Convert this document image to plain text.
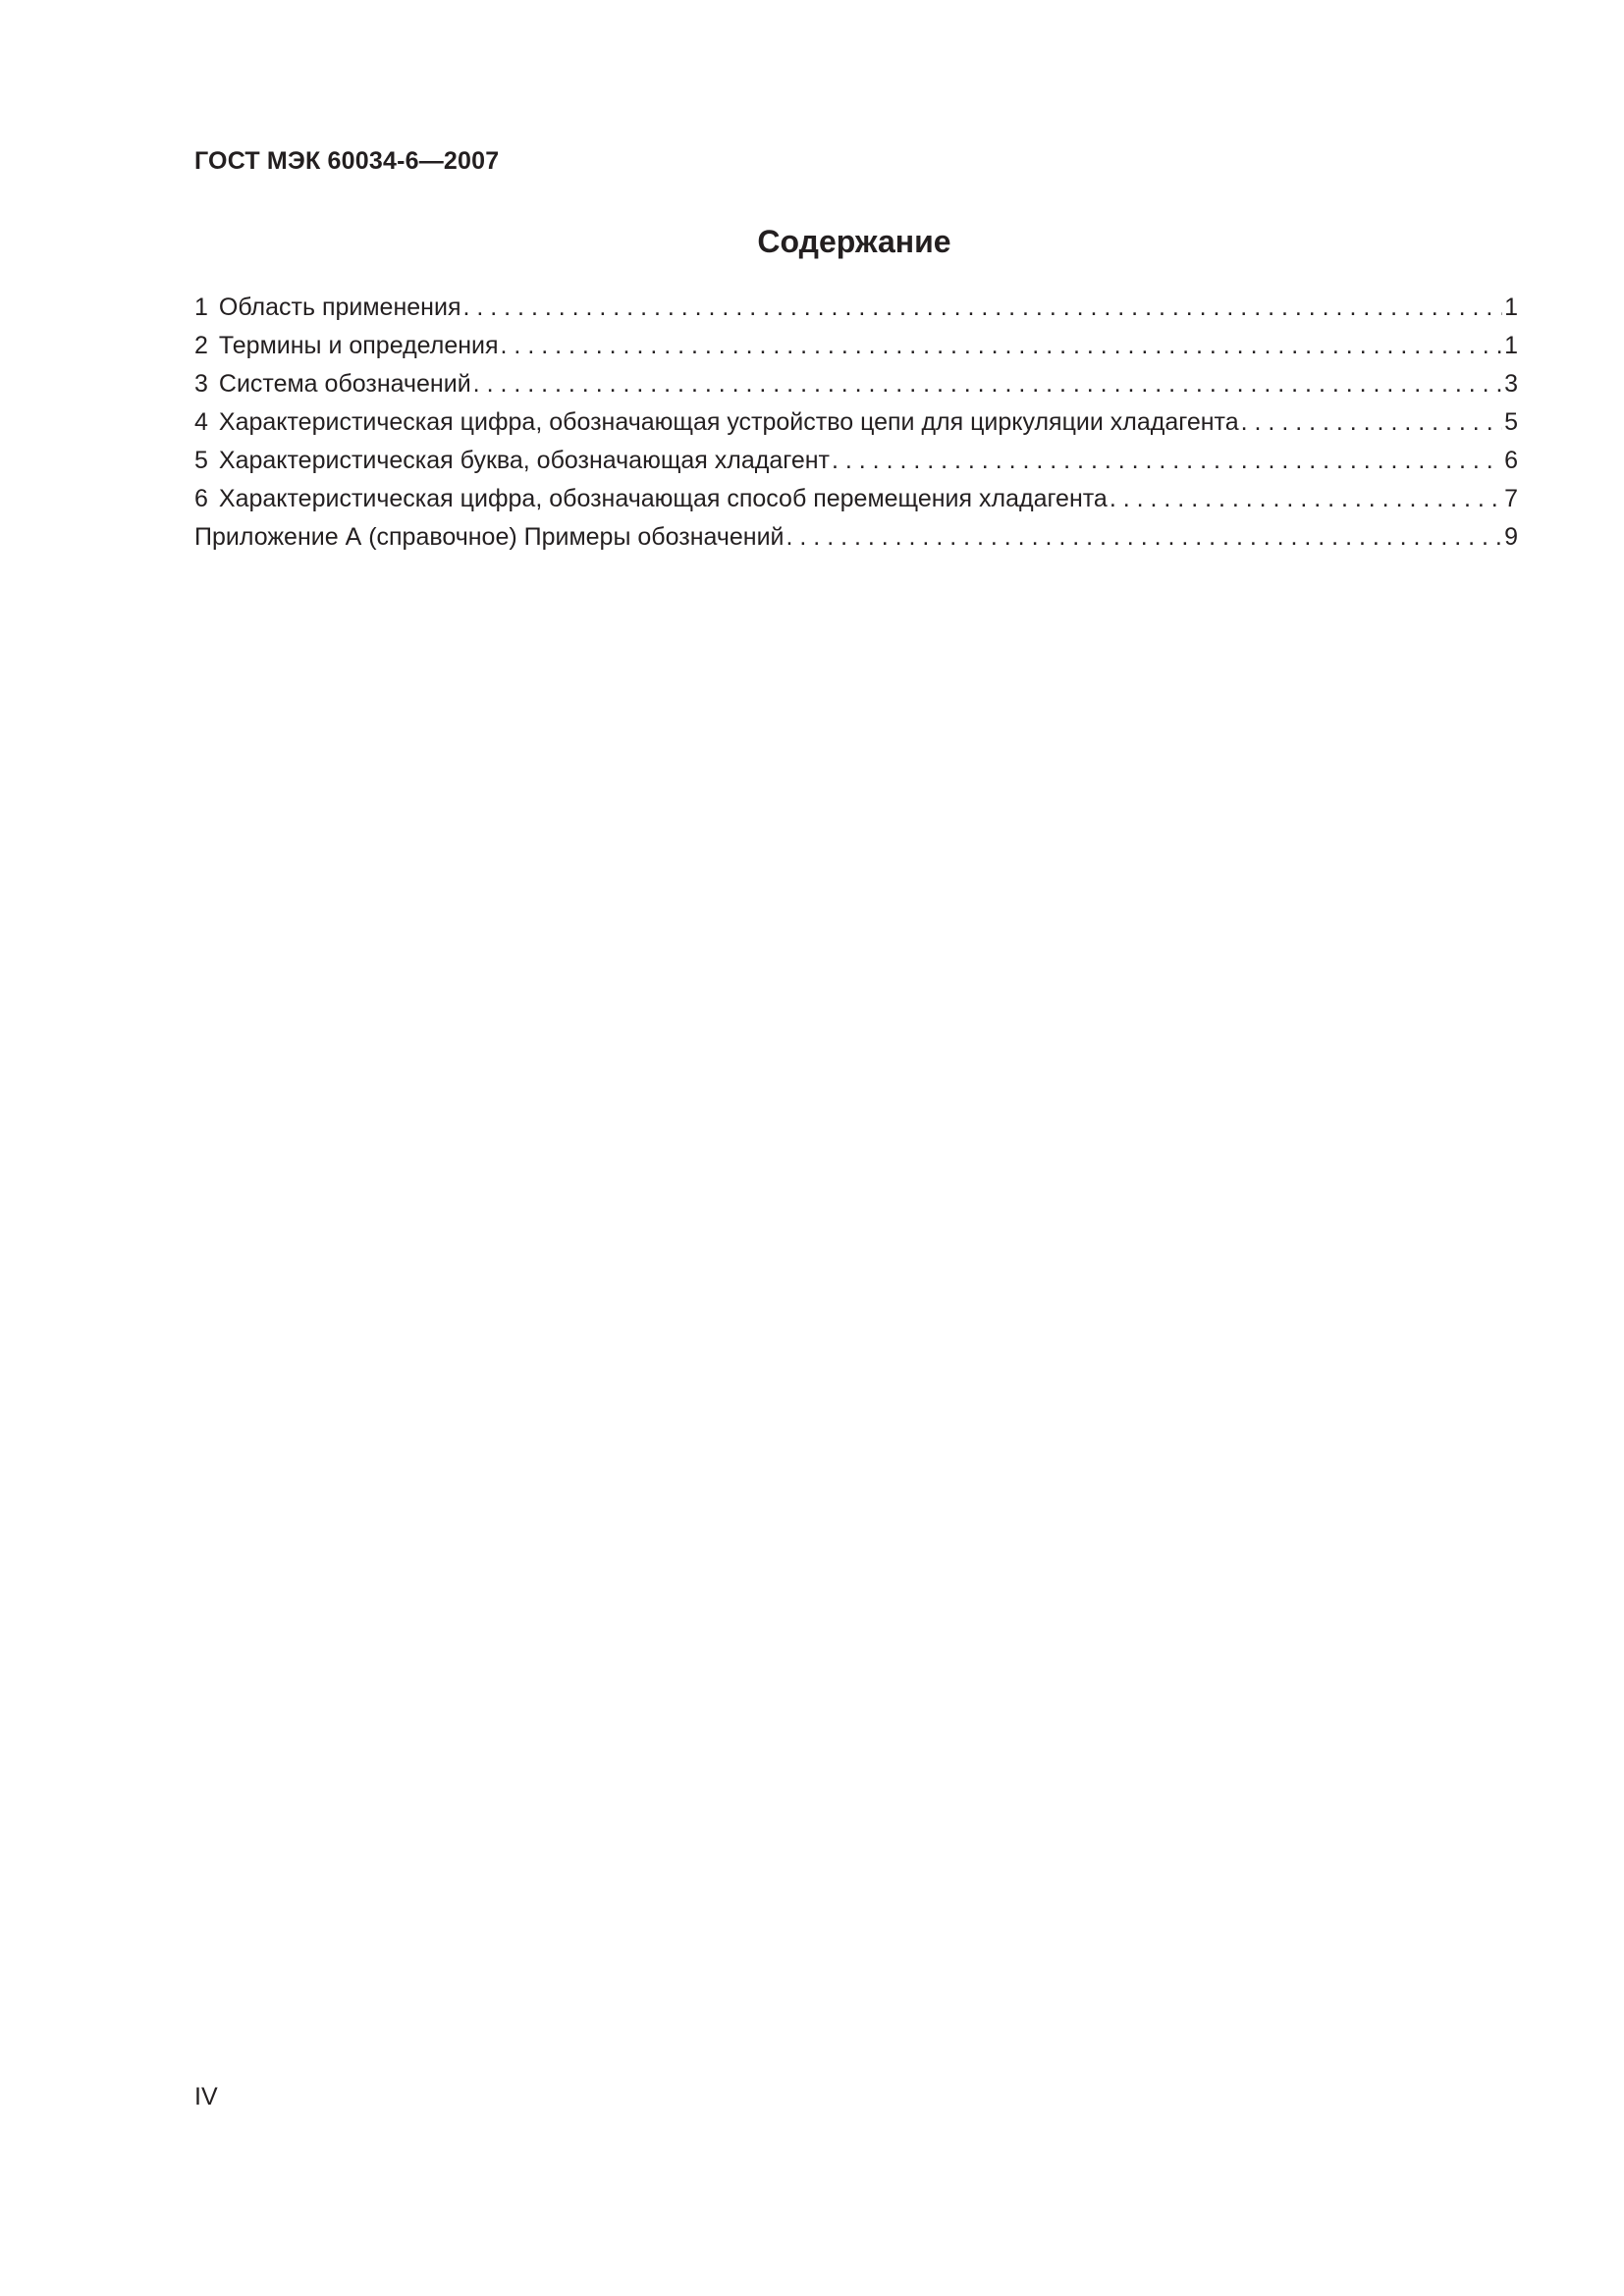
ГОСТ МЭК 60034-6—2007
Содержание
1 Область применения . . .	1
2 Термины и определения . . .	1
3 Система обозначений . . .	3
4 Характеристическая цифра, обозначающая устройство цепи для циркуляции хладагента . . .	5
5 Характеристическая буква, обозначающая хладагент . . .	6
6 Характеристическая цифра, обозначающая способ перемещения хладагента . . .	7
Приложение А (справочное) Примеры обозначений . . .	9
IV
